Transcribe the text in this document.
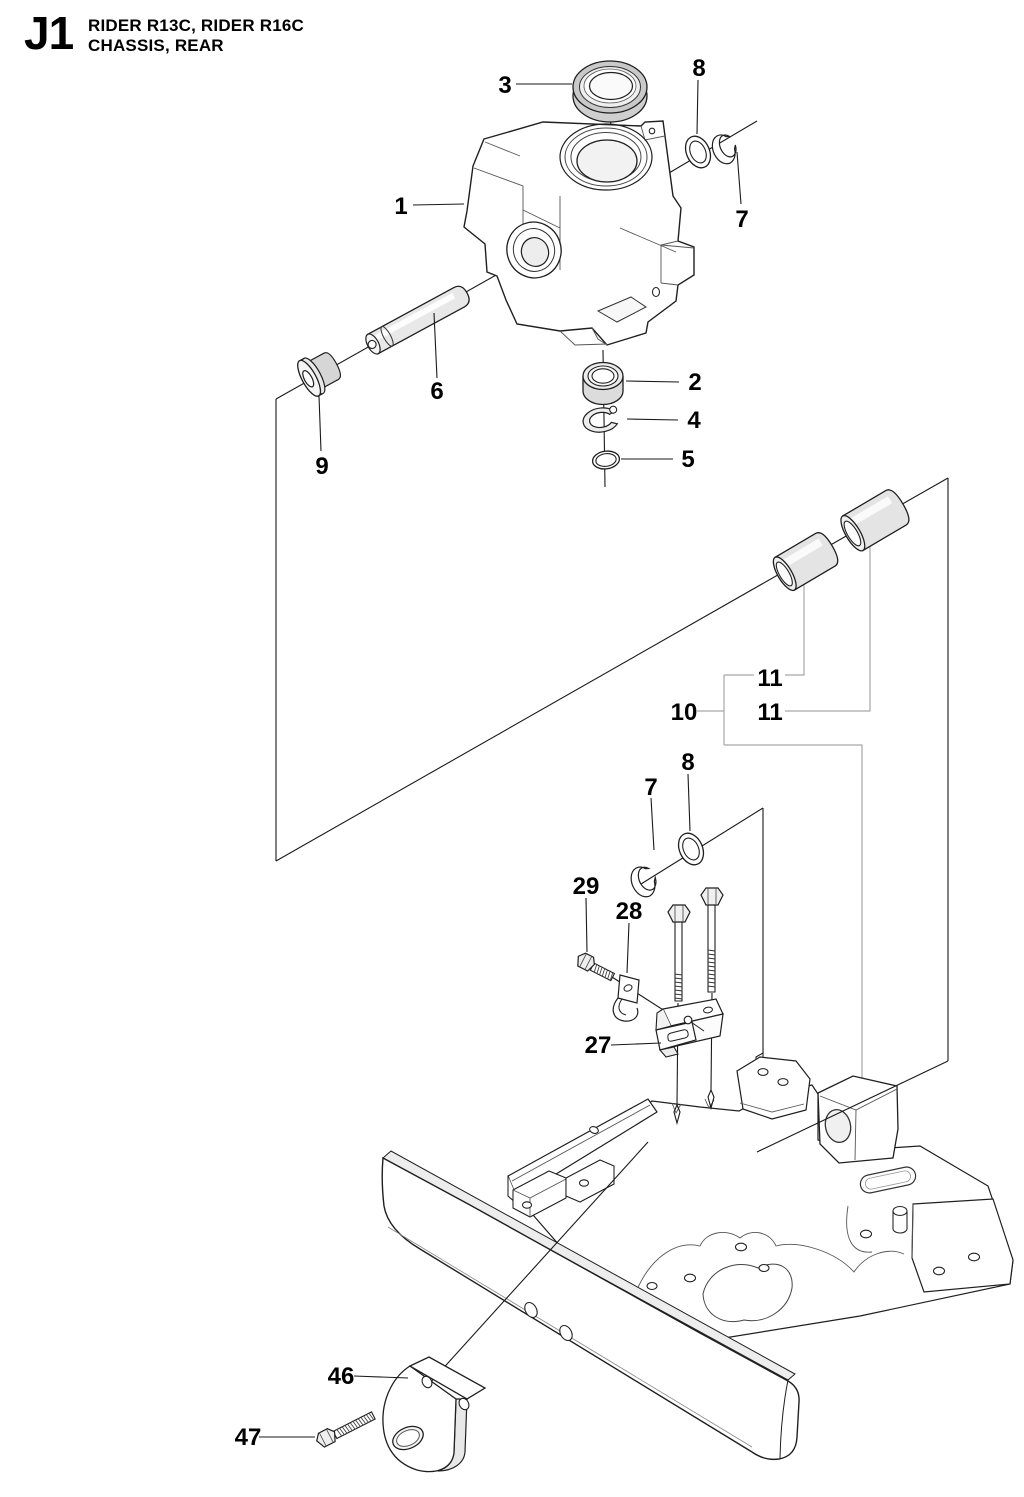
J1 RIDER R13C, RIDER R16C
CHASSIS, REAR
1
2
3
4
5
6
7
8
9
10
11
11
7
8
29
28
27
46
47
